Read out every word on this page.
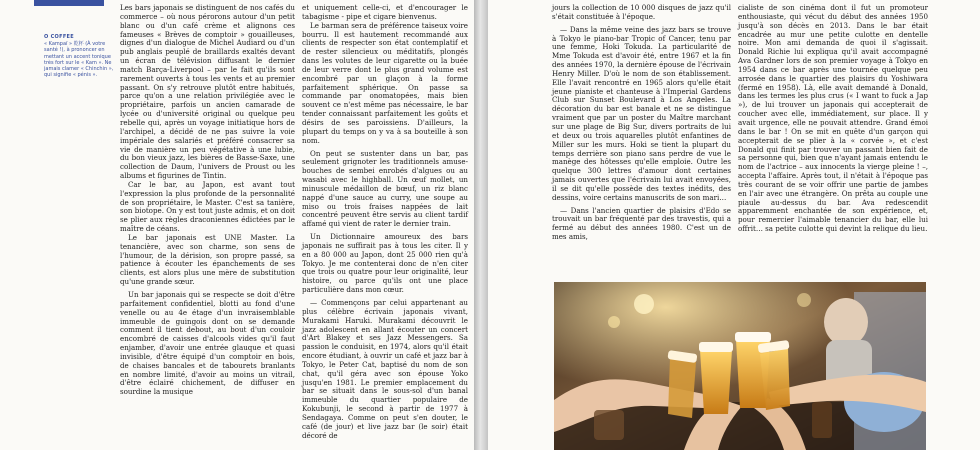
O COFFEE
« Kampaï » 乾杯 (À votre santé !), à prononcer en mettant un accent tonique très fort sur le « Kam ». Ne jamais clamer « Chinchin », qui signifie « pénis ».

Les bars japonais se distinguent de nos cafés du commerce – où nous pérorons autour d'un petit blanc ou d'un café crème et alignons ces fameuses « Brèves de comptoir » gouailleuses, dignes d'un dialogue de Michel Audiard ou d'un pub anglais peuplé de braillards exaltés devant un écran de télévision diffusant le dernier match Barça-Liverpool – par le fait qu'ils sont rarement ouverts à tous les vents et au premier passant. On s'y retrouve plutôt entre habitués, parce qu'on a une relation privilégiée avec le propriétaire, parfois un ancien camarade de lycée ou d'université original ou quelque peu rebelle qui, après un voyage initiatique hors de l'archipel, a décidé de ne pas suivre la voie impériale des salariés et préféré consacrer sa vie de manière un peu végétative à une lubie, du bon vieux jazz, les bières de Basse-Saxe, une collection de Daum, l'univers de Proust ou les albums et figurines de Tintin.

Car le bar, au Japon, est avant tout l'expression la plus profonde de la personnalité de son propriétaire, le Master. C'est sa tanière, son biotope. On y est tout juste admis, et on doit se plier aux règles draconiennes édictées par le maître de céans.

Le bar japonais est UNE Master. La tenancière, avec son charme, son sens de l'humour, de la dérision, son propre passé, sa patience à écouter les épanchements de ses clients, est alors plus une mère de substitution qu'une grande sœur.

Un bar japonais qui se respecte se doit d'être parfaitement confidentiel, blotti au fond d'une venelle ou au 4e étage d'un invraisemblable immeuble de guingois dont on se demande comment il tient debout, au bout d'un couloir encombré de caisses d'alcools vides qu'il faut enjamber, d'avoir une entrée glauque et quasi invisible, d'être équipé d'un comptoir en bois, de chaises bancales et de tabourets branlants en nombre limité, d'avoir au moins un vitrail, d'être éclairé chichement, de diffuser en sourdine la musique

et uniquement celle-ci, et d'encourager le tabagisme - pipe et cigare bienvenus.

Le barman sera de préférence taiseux voire bourru. Il est hautement recommandé aux clients de respecter son état contemplatif et de rester silencieux ou méditatifs, plongés dans les volutes de leur cigarette ou la buée de leur verre dont le plus grand volume est encombré par un glaçon à la forme parfaitement sphérique. On passe sa commande par onomatopées, mais bien souvent ce n'est même pas nécessaire, le bar tender connaissant parfaitement les goûts et désirs de ses paroissiens. D'ailleurs, la plupart du temps on y va à sa bouteille à son nom.

On peut se sustenter dans un bar, pas seulement grignoter les traditionnels amuse-bouches de sembei enrobés d'algues ou au wasabi avec le highball. Un œuf mollet, un minuscule médaillon de bœuf, un riz blanc nappé d'une sauce au curry, une soupe au miso ou trois fraises nappées de lait concentré peuvent être servis au client tardif affamé qui vient de rater le dernier train.

Un Dictionnaire amoureux des bars japonais ne suffirait pas à tous les citer. Il y en a 80 000 au Japon, dont 25 000 rien qu'à Tokyo. Je me contenterai donc de n'en citer que trois ou quatre pour leur originalité, leur histoire, ou parce qu'ils ont une place particulière dans mon cœur.

— Commençons par celui appartenant au plus célèbre écrivain japonais vivant, Murakami Haruki. Murakami découvrit le jazz adolescent en allant écouter un concert d'Art Blakey et ses Jazz Messengers. Sa passion le conduisit, en 1974, alors qu'il était encore étudiant, à ouvrir un café et jazz bar à Tokyo, le Peter Cat, baptisé du nom de son chat, qu'il géra avec son épouse Yoko jusqu'en 1981. Le premier emplacement du bar se situait dans le sous-sol d'un banal immeuble du quartier populaire de Kokubunji, le second à partir de 1977 à Sendagaya. Comme on peut s'en douter, le café (de jour) et live jazz bar (le soir) était décoré de

jours la collection de 10 000 disques de jazz qu'il s'était constituée à l'époque.

— Dans la même veine des jazz bars se trouve à Tokyo le piano-bar Tropic of Cancer, tenu par une femme, Hoki Tokuda. La particularité de Mme Tokuda est d'avoir été, entre 1967 et la fin des années 1970, la dernière épouse de l'écrivain Henry Miller. D'où le nom de son établissement. Elle l'avait rencontré en 1965 alors qu'elle était jeune pianiste et chanteuse à l'Imperial Gardens Club sur Sunset Boulevard à Los Angeles. La décoration du bar est banale et ne se distingue vraiment que par un poster du Maître marchant sur une plage de Big Sur, divers portraits de lui et deux ou trois aquarelles plutôt enfantines de Miller sur les murs. Hoki se tient la plupart du temps derrière son piano sans perdre de vue le manège des hôtesses qu'elle emploie. Outre les quelque 300 lettres d'amour dont certaines jamais ouvertes que l'écrivain lui avait envoyées, il se dit qu'elle possède des textes inédits, des dessins, voire certains manuscrits de son mari…

— Dans l'ancien quartier de plaisirs d'Edo se trouvait un bar fréquenté par des travestis, qui a fermé au début des années 1980. C'est un de mes amis,

cialiste de son cinéma dont il fut un promoteur enthousiaste, qui vécut du début des années 1950 jusqu'à son décès en 2013. Dans le bar était encadrée au mur une petite culotte en dentelle noire. Mon ami demanda de quoi il s'agissait. Donald Richie lui expliqua qu'il avait accompagné Ava Gardner lors de son premier voyage à Tokyo en 1954 dans ce bar après une tournée quelque peu arrosée dans le quartier des plaisirs du Yoshiwara (fermé en 1958). Là, elle avait demandé à Donald, dans les termes les plus crus (« I want to fuck a Jap »), de lui trouver un japonais qui accepterait de coucher avec elle, immédiatement, sur place. Il y avait urgence, elle ne pouvait attendre. Grand émoi dans le bar ! On se mit en quête d'un garçon qui accepterait de se plier à la « corvée », et c'est Donald qui finit par trouver un passant bien fait de sa personne qui, bien que n'ayant jamais entendu le nom de l'actrice – aux innocents la vierge pleine ! –, accepta l'affaire. Après tout, il n'était à l'époque pas très courant de se voir offrir une partie de jambes en l'air avec une étrangère. On prêta au couple une piaule au-dessus du bar. Ava redescendit apparemment enchantée de son expérience, et, pour remercier l'aimable tenancier du bar, elle lui offrit… sa petite culotte qui devint la relique du lieu.
